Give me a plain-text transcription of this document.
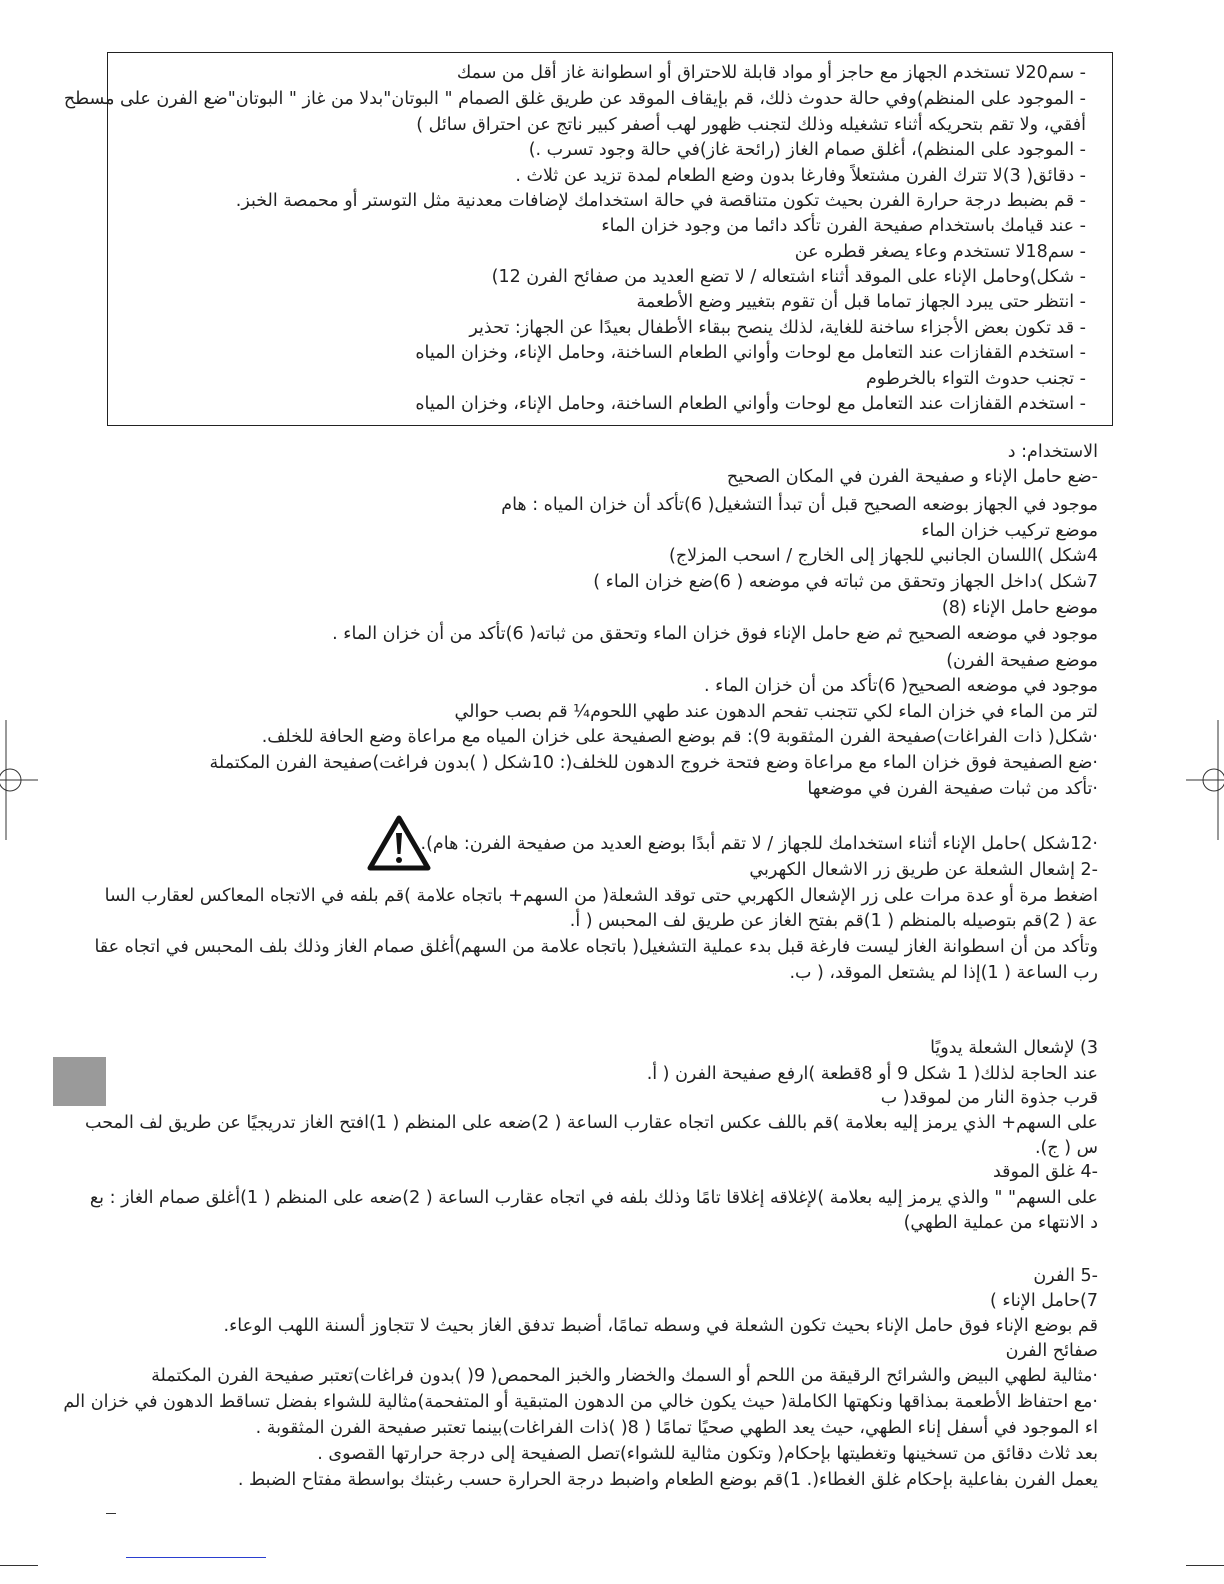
- سم20لا تستخدم الجهاز مع حاجز أو مواد قابلة للاحتراق أو اسطوانة غاز أقل من سمك
- الموجود على المنظم)وفي حالة حدوث ذلك، قم بإيقاف الموقد عن طريق غلق الصمام " البوتان"بدلا من غاز " البوتان"ضع الفرن على مسطح
أفقي، ولا تقم بتحريكه أثناء تشغيله وذلك لتجنب ظهور لهب أصفر كبير ناتج عن احتراق سائل )
- الموجود على المنظم)، أغلق صمام الغاز (رائحة غاز)في حالة وجود تسرب .)
- دقائق( 3)لا تترك الفرن مشتعلاً وفارغا بدون وضع الطعام لمدة تزيد عن ثلاث .
- قم بضبط درجة حرارة الفرن بحيث تكون متناقصة في حالة استخدامك لإضافات معدنية مثل التوستر أو محمصة الخبز.
- عند قيامك باستخدام صفيحة الفرن تأكد دائما من وجود خزان الماء
- سم18لا تستخدم وعاء يصغر قطره عن
- شكل)وحامل الإناء على الموقد أثناء اشتعاله / لا تضع العديد من صفائح الفرن 12)
- انتظر حتى يبرد الجهاز تماما قبل أن تقوم بتغيير وضع الأطعمة
- قد تكون بعض الأجزاء ساخنة للغاية، لذلك ينصح ببقاء الأطفال بعيدًا عن الجهاز: تحذير
- استخدم القفازات عند التعامل مع لوحات وأواني الطعام الساخنة، وحامل الإناء، وخزان المياه
- تجنب حدوث التواء بالخرطوم
- استخدم القفازات عند التعامل مع لوحات وأواني الطعام الساخنة، وحامل الإناء، وخزان المياه
الاستخدام: د
-ضع حامل الإناء و صفيحة الفرن في المكان الصحيح
موجود في الجهاز بوضعه الصحيح قبل أن تبدأ التشغيل( 6)تأكد أن خزان المياه : هام
موضع تركيب خزان الماء
4شكل )اللسان الجانبي للجهاز إلى الخارج / اسحب المزلاج)
7شكل )داخل الجهاز وتحقق من ثباته في موضعه ( 6)ضع خزان الماء )
موضع حامل الإناء (8)
موجود في موضعه الصحيح ثم ضع حامل الإناء فوق خزان الماء وتحقق من ثباته( 6)تأكد من أن خزان الماء .
موضع صفيحة الفرن)
موجود في موضعه الصحيح( 6)تأكد من أن خزان الماء .
لتر من الماء في خزان الماء لكي تتجنب تفحم الدهون عند طهي اللحوم¼ قم بصب حوالي
·شكل( ذات الفراغات)صفيحة الفرن المثقوبة 9): قم بوضع الصفيحة على خزان المياه مع مراعاة وضع الحافة للخلف.
·ضع الصفيحة فوق خزان الماء مع مراعاة وضع فتحة خروج الدهون للخلف(: 10شكل ( )بدون فراغت)صفيحة الفرن المكتملة
·تأكد من ثبات صفيحة الفرن في موضعها
·12شكل )حامل الإناء أثناء استخدامك للجهاز / لا تقم أبدًا بوضع العديد من صفيحة الفرن: هام).
-2 إشعال الشعلة عن طريق زر الاشعال الكهربي
اضغط مرة أو عدة مرات على زر الإشعال الكهربي حتى توقد الشعلة( من السهم+ باتجاه علامة )قم بلفه في الاتجاه المعاكس لعقارب السا
عة ( 2)قم بتوصيله بالمنظم ( 1)قم بفتح الغاز عن طريق لف المحبس ( أ.
وتأكد من أن اسطوانة الغاز ليست فارغة قبل بدء عملية التشغيل( باتجاه علامة من السهم)أغلق صمام الغاز وذلك بلف المحبس في اتجاه عقا
رب الساعة ( 1)إذا لم يشتعل الموقد، ( ب.
3) لإشعال الشعلة يدويًا
عند الحاجة لذلك( 1 شكل 9 أو 8قطعة )ارفع صفيحة الفرن ( أ.
قرب جذوة النار من لموقد( ب
على السهم+ الذي يرمز إليه بعلامة )قم باللف عكس اتجاه عقارب الساعة ( 2)ضعه على المنظم ( 1)افتح الغاز تدريجيًا عن طريق لف المحب
س ( ج).
-4 غلق الموقد
على السهم" " والذي يرمز إليه بعلامة )لإغلاقه إغلاقا تامًا وذلك بلفه في اتجاه عقارب الساعة ( 2)ضعه على المنظم ( 1)أغلق صمام الغاز : بع
د الانتهاء من عملية الطهي)
-5 الفرن
7)حامل الإناء )
قم بوضع الإناء فوق حامل الإناء بحيث تكون الشعلة في وسطه تمامًا، أضبط تدفق الغاز بحيث لا تتجاوز ألسنة اللهب الوعاء.
صفائح الفرن
·مثالية لطهي البيض والشرائح الرقيقة من اللحم أو السمك والخضار والخبز المحمص( 9( )بدون فراغات)تعتبر صفيحة الفرن المكتملة
·مع احتفاظ الأطعمة بمذاقها ونكهتها الكاملة( حيث يكون خالي من الدهون المتبقية أو المتفحمة)مثالية للشواء بفضل تساقط الدهون في خزان الم
اء الموجود في أسفل إناء الطهي، حيث يعد الطهي صحيًا تمامًا ( 8( )ذات الفراغات)بينما تعتبر صفيحة الفرن المثقوبة .
بعد ثلاث دقائق من تسخينها وتغطيتها بإحكام( وتكون مثالية للشواء)تصل الصفيحة إلى درجة حرارتها القصوى .
يعمل الفرن بفاعلية بإحكام غلق الغطاء(. 1)قم بوضع الطعام واضبط درجة الحرارة حسب رغبتك بواسطة مفتاح الضبط .
